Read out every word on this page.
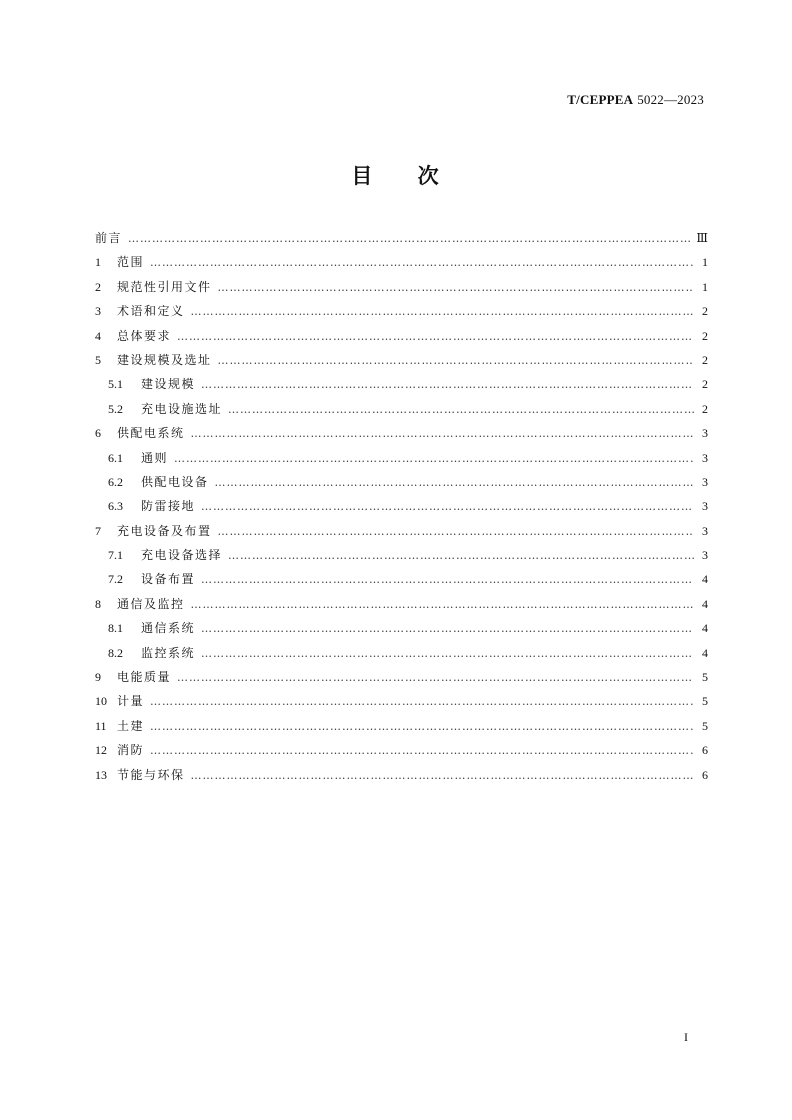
T/CEPPEA 5022—2023
目 次
前言 …………………………………………………………………………………………………………………………………………………………………………………………………………………………………………………	Ⅲ
1	范围 …………………………………………………………………………………………………………………………………………………………………………………………………………………………………………………	1
2	规范性引用文件 …………………………………………………………………………………………………………………………………………………………………………………………………………………………………………………	1
3	术语和定义 …………………………………………………………………………………………………………………………………………………………………………………………………………………………………………………	2
4	总体要求 …………………………………………………………………………………………………………………………………………………………………………………………………………………………………………………	2
5	建设规模及选址 …………………………………………………………………………………………………………………………………………………………………………………………………………………………………………………	2
5.1	建设规模 …………………………………………………………………………………………………………………………………………………………………………………………………………………………………………………	2
5.2	充电设施选址 …………………………………………………………………………………………………………………………………………………………………………………………………………………………………………………	2
6	供配电系统 …………………………………………………………………………………………………………………………………………………………………………………………………………………………………………………	3
6.1	通则 …………………………………………………………………………………………………………………………………………………………………………………………………………………………………………………	3
6.2	供配电设备 …………………………………………………………………………………………………………………………………………………………………………………………………………………………………………………	3
6.3	防雷接地 …………………………………………………………………………………………………………………………………………………………………………………………………………………………………………………	3
7	充电设备及布置 …………………………………………………………………………………………………………………………………………………………………………………………………………………………………………………	3
7.1	充电设备选择 …………………………………………………………………………………………………………………………………………………………………………………………………………………………………………………	3
7.2	设备布置 …………………………………………………………………………………………………………………………………………………………………………………………………………………………………………………	4
8	通信及监控 …………………………………………………………………………………………………………………………………………………………………………………………………………………………………………………	4
8.1	通信系统 …………………………………………………………………………………………………………………………………………………………………………………………………………………………………………………	4
8.2	监控系统 …………………………………………………………………………………………………………………………………………………………………………………………………………………………………………………	4
9	电能质量 …………………………………………………………………………………………………………………………………………………………………………………………………………………………………………………	5
10 计量 …………………………………………………………………………………………………………………………………………………………………………………………………………………………………………………	5
11 土建 …………………………………………………………………………………………………………………………………………………………………………………………………………………………………………………	5
12 消防 …………………………………………………………………………………………………………………………………………………………………………………………………………………………………………………	6
13 节能与环保 …………………………………………………………………………………………………………………………………………………………………………………………………………………………………………………	6
I
